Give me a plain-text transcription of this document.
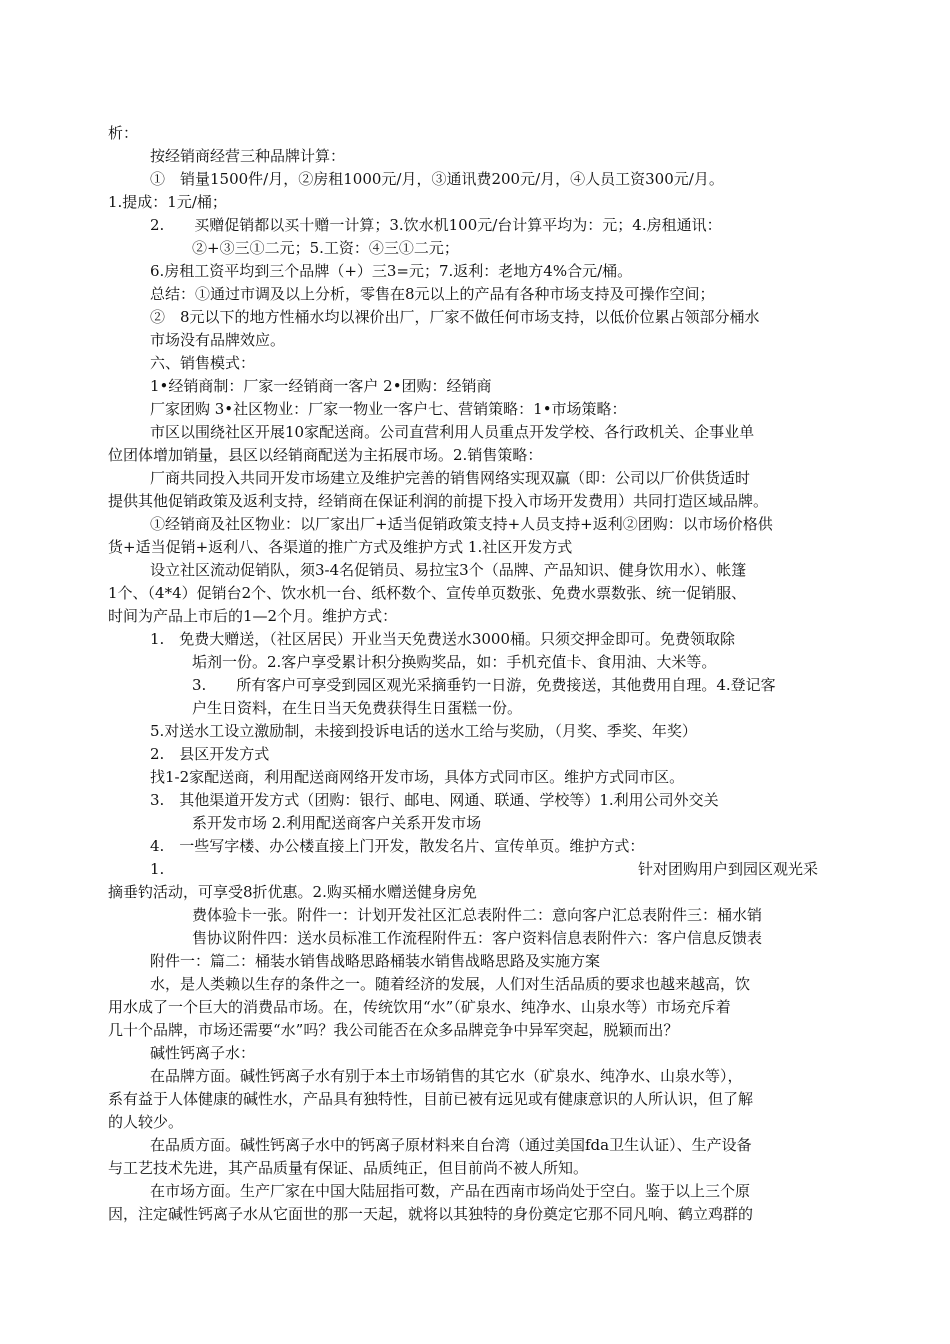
析：
按经销商经营三种品牌计算：
①　销量1500件/月，②房租1000元/月，③通讯费200元/月，④人员工资300元/月。
1.提成：1元/桶；
2.　　买赠促销都以买十赠一计算；3.饮水机100元/台计算平均为：元；4.房租通讯：
②+③三①二元；5.工资：④三①二元；
6.房租工资平均到三个品牌（+）三3=元；7.返利：老地方4%合元/桶。
总结：①通过市调及以上分析，零售在8元以上的产品有各种市场支持及可操作空间；
②　8元以下的地方性桶水均以裸价出厂，厂家不做任何市场支持，以低价位累占领部分桶水
市场没有品牌效应。
六、销售模式：
1•经销商制：厂家一经销商一客户 2•团购：经销商
厂家团购 3•社区物业：厂家一物业一客户七、营销策略：1•市场策略：
市区以围绕社区开展10家配送商。公司直营利用人员重点开发学校、各行政机关、企事业单
位团体增加销量，县区以经销商配送为主拓展市场。2.销售策略：
厂商共同投入共同开发市场建立及维护完善的销售网络实现双赢（即：公司以厂价供货适时
提供其他促销政策及返利支持，经销商在保证利润的前提下投入市场开发费用）共同打造区域品牌。
①经销商及社区物业：以厂家出厂+适当促销政策支持+人员支持+返利②团购：以市场价格供
货+适当促销+返利八、各渠道的推广方式及维护方式 1.社区开发方式
设立社区流动促销队，须3-4名促销员、易拉宝3个（品牌、产品知识、健身饮用水）、帐篷
1个、（4*4）促销台2个、饮水机一台、纸杯数个、宣传单页数张、免费水票数张、统一促销服、
时间为产品上市后的1—2个月。维护方式：
1.　免费大赠送，（社区居民）开业当天免费送水3000桶。只须交押金即可。免费领取除
垢剂一份。2.客户享受累计积分换购奖品，如：手机充值卡、食用油、大米等。
3.　　所有客户可享受到园区观光采摘垂钓一日游，免费接送，其他费用自理。4.登记客
户生日资料，在生日当天免费获得生日蛋糕一份。
5.对送水工设立激励制，未接到投诉电话的送水工给与奖励，（月奖、季奖、年奖）
2.　县区开发方式
找1-2家配送商，利用配送商网络开发市场，具体方式同市区。维护方式同市区。
3.　其他渠道开发方式（团购：银行、邮电、网通、联通、学校等）1.利用公司外交关
系开发市场 2.利用配送商客户关系开发市场
4.　一些写字楼、办公楼直接上门开发，散发名片、宣传单页。维护方式：
1.	针对团购用户到园区观光采
摘垂钓活动，可享受8折优惠。2.购买桶水赠送健身房免
费体验卡一张。附件一：计划开发社区汇总表附件二：意向客户汇总表附件三：桶水销
售协议附件四：送水员标准工作流程附件五：客户资料信息表附件六：客户信息反馈表
附件一：篇二：桶装水销售战略思路桶装水销售战略思路及实施方案
水，是人类赖以生存的条件之一。随着经济的发展，人们对生活品质的要求也越来越高，饮
用水成了一个巨大的消费品市场。在，传统饮用“水”（矿泉水、纯净水、山泉水等）市场充斥着
几十个品牌，市场还需要“水”吗？我公司能否在众多品牌竞争中异军突起，脱颖而出？
碱性钙离子水：
在品牌方面。碱性钙离子水有别于本土市场销售的其它水（矿泉水、纯净水、山泉水等），
系有益于人体健康的碱性水，产品具有独特性，目前已被有远见或有健康意识的人所认识，但了解
的人较少。
在品质方面。碱性钙离子水中的钙离子原材料来自台湾（通过美国fda卫生认证）、生产设备
与工艺技术先进，其产品质量有保证、品质纯正，但目前尚不被人所知。
在市场方面。生产厂家在中国大陆屈指可数，产品在西南市场尚处于空白。鉴于以上三个原
因，注定碱性钙离子水从它面世的那一天起，就将以其独特的身份奠定它那不同凡响、鹤立鸡群的
